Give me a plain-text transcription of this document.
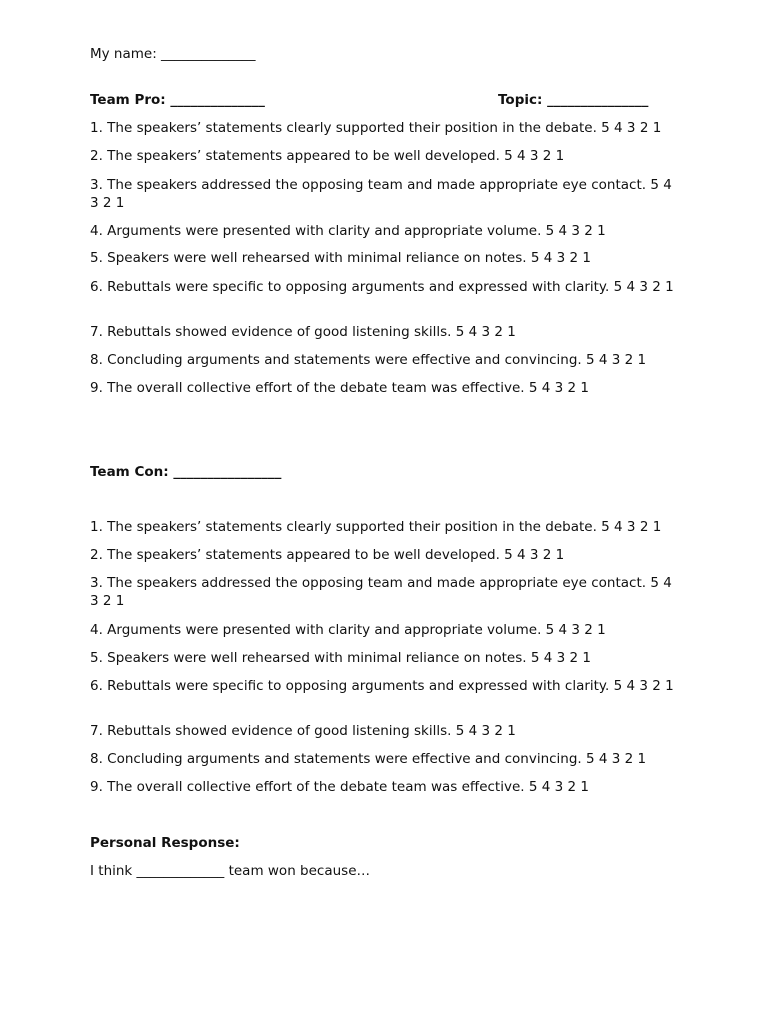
My name: ______________
Team Pro: ______________	Topic: _______________
1. The speakers’ statements clearly supported their position in the debate. 5 4 3 2 1
2. The speakers’ statements appeared to be well developed. 5 4 3 2 1
3. The speakers addressed the opposing team and made appropriate eye contact. 5 4 3 2 1
4. Arguments were presented with clarity and appropriate volume. 5 4 3 2 1
5. Speakers were well rehearsed with minimal reliance on notes. 5 4 3 2 1
6. Rebuttals were specific to opposing arguments and expressed with clarity. 5 4 3 2 1
7. Rebuttals showed evidence of good listening skills. 5 4 3 2 1
8. Concluding arguments and statements were effective and convincing. 5 4 3 2 1
9. The overall collective effort of the debate team was effective. 5 4 3 2 1
Team Con: ________________
1. The speakers’ statements clearly supported their position in the debate. 5 4 3 2 1
2. The speakers’ statements appeared to be well developed. 5 4 3 2 1
3. The speakers addressed the opposing team and made appropriate eye contact. 5 4 3 2 1
4. Arguments were presented with clarity and appropriate volume. 5 4 3 2 1
5. Speakers were well rehearsed with minimal reliance on notes. 5 4 3 2 1
6. Rebuttals were specific to opposing arguments and expressed with clarity. 5 4 3 2 1
7. Rebuttals showed evidence of good listening skills. 5 4 3 2 1
8. Concluding arguments and statements were effective and convincing. 5 4 3 2 1
9. The overall collective effort of the debate team was effective. 5 4 3 2 1
Personal Response:
I think _____________ team won because…
